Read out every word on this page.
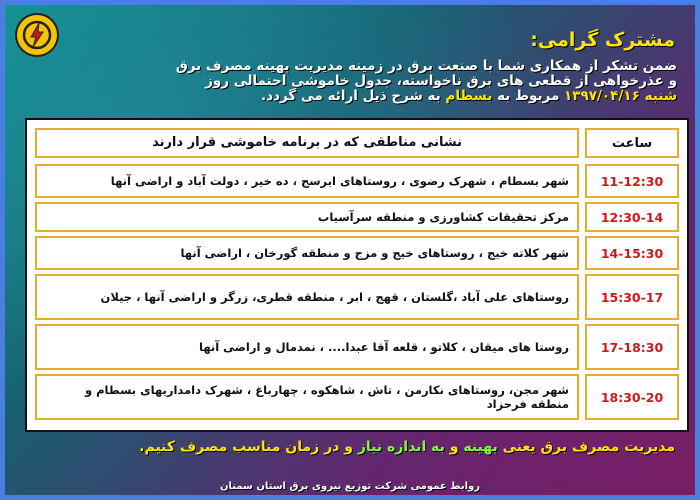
مشترک گرامی:
ضمن تشکر از همکاری شما با صنعت برق در زمینه مدیریت بهینه مصرف برق
و عذرخواهی از قطعی های برق ناخواسته، جدول خاموشی احتمالی روز
شنبه ۱۳۹۷/۰۴/۱۶ مربوط به بسطام به شرح ذیل ارائه می گردد.
ساعت
نشانی مناطقی که در برنامه خاموشی قرار دارند
11-12:30
شهر بسطام ، شهرک رضوی ، روستاهای ابرسج ، ده خیر ، دولت آباد و اراضی آنها
12:30-14
مرکز تحقیقات کشاورزی و منطقه سرآسیاب
14-15:30
شهر کلاته خیج ، روستاهای خیج و مزج و منطقه گورخان ، اراضی آنها
15:30-17
روستاهای علی آباد ،گلستان ، قهج ، ابر ، منطقه قطری، زرگر و اراضی آنها ، جیلان
17-18:30
روستا های میقان ، کلاتو ، قلعه آقا عبدا.... ، نمدمال و اراضی آنها
18:30-20
شهر مجن، روستاهای نکارمن ، تاش ، شاهکوه ، چهارباغ ، شهرک دامداریهای بسطام و منطقه فرحزاد
مدیریت مصرف برق یعنی بهینه و به اندازه نیاز و در زمان مناسب مصرف کنیم.
روابط عمومی شرکت توزیع نیروی برق استان سمنان
